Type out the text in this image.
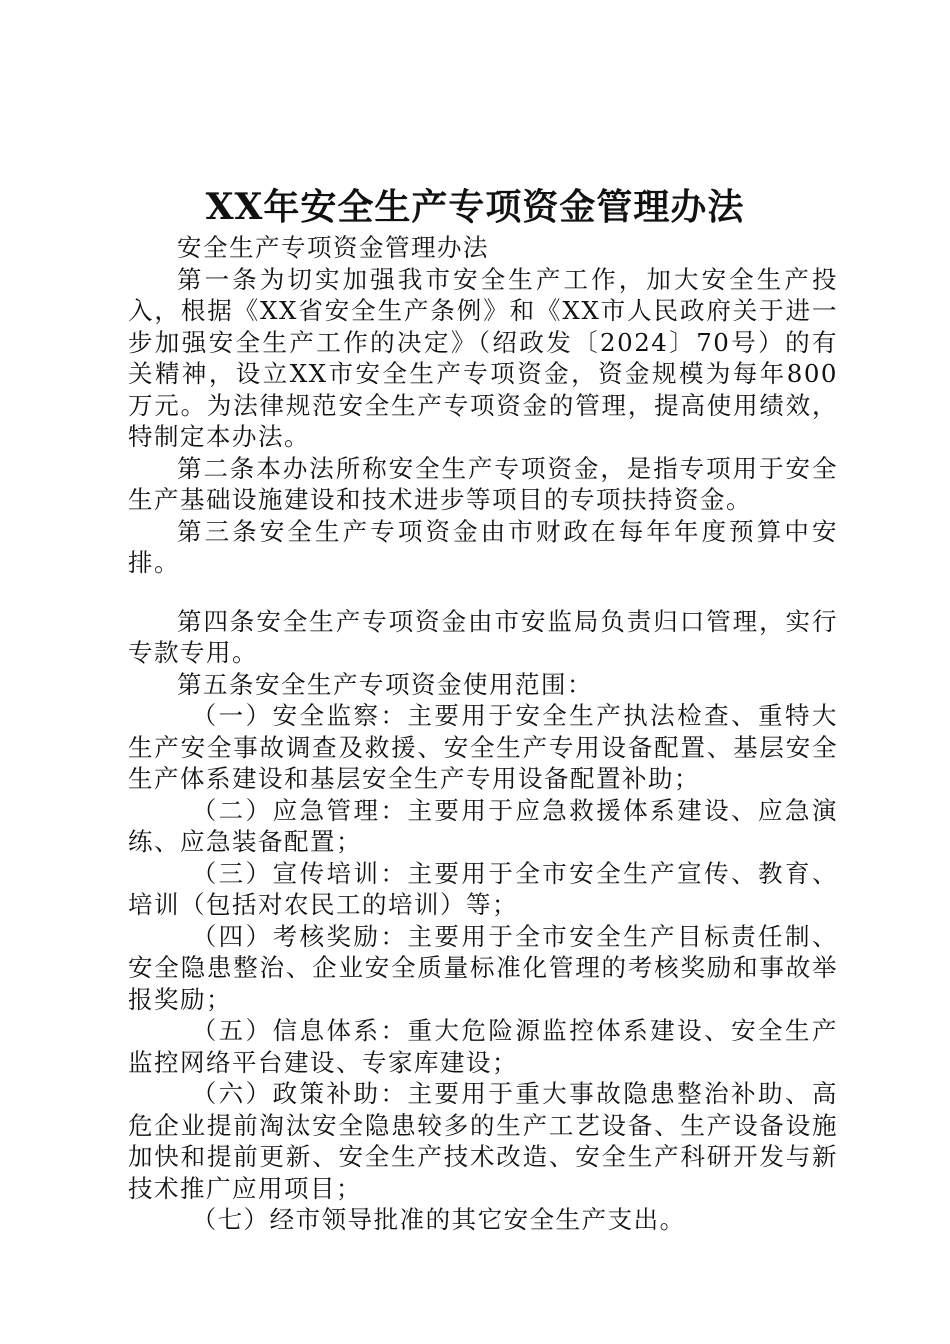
XX年安全生产专项资金管理办法

安全生产专项资金管理办法

第一条为切实加强我市安全生产工作，加大安全生产投入，根据《XX省安全生产条例》和《XX市人民政府关于进一步加强安全生产工作的决定》（绍政发〔2024〕70号）的有关精神，设立XX市安全生产专项资金，资金规模为每年800万元。为法律规范安全生产专项资金的管理，提高使用绩效，特制定本办法。

第二条本办法所称安全生产专项资金，是指专项用于安全生产基础设施建设和技术进步等项目的专项扶持资金。

第三条安全生产专项资金由市财政在每年年度预算中安排。

第四条安全生产专项资金由市安监局负责归口管理，实行专款专用。

第五条安全生产专项资金使用范围：

（一）安全监察：主要用于安全生产执法检查、重特大生产安全事故调查及救援、安全生产专用设备配置、基层安全生产体系建设和基层安全生产专用设备配置补助；

（二）应急管理：主要用于应急救援体系建设、应急演练、应急装备配置；

（三）宣传培训：主要用于全市安全生产宣传、教育、培训（包括对农民工的培训）等；

（四）考核奖励：主要用于全市安全生产目标责任制、安全隐患整治、企业安全质量标准化管理的考核奖励和事故举报奖励；

（五）信息体系：重大危险源监控体系建设、安全生产监控网络平台建设、专家库建设；

（六）政策补助：主要用于重大事故隐患整治补助、高危企业提前淘汰安全隐患较多的生产工艺设备、生产设备设施加快和提前更新、安全生产技术改造、安全生产科研开发与新技术推广应用项目；

（七）经市领导批准的其它安全生产支出。
